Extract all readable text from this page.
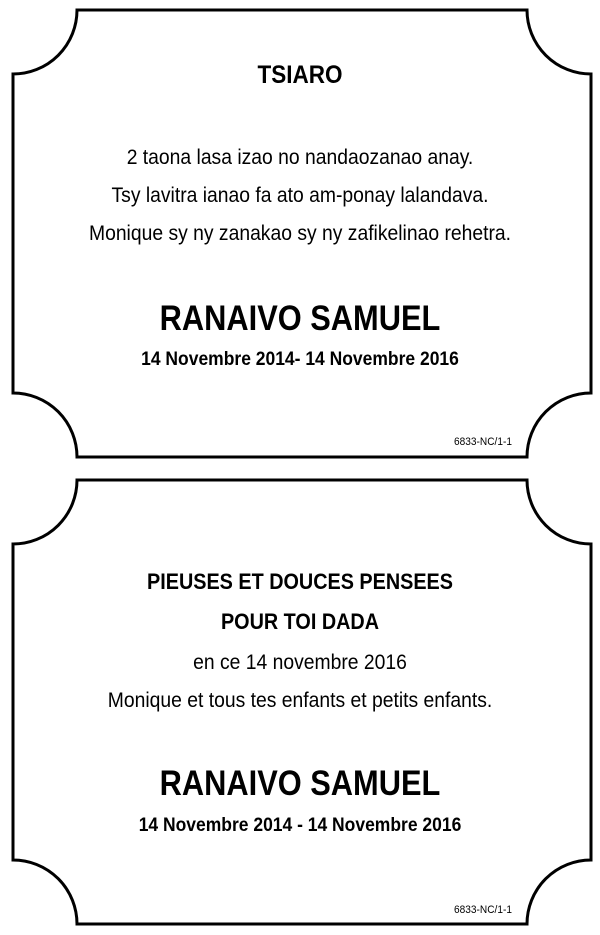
TSIARO
2 taona lasa izao no nandaozanao anay.
Tsy lavitra ianao fa ato am-ponay lalandava.
Monique sy ny zanakao sy ny zafikelinao rehetra.
RANAIVO SAMUEL
14 Novembre 2014- 14 Novembre 2016
6833-NC/1-1
PIEUSES ET DOUCES PENSEES
POUR TOI DADA
en ce 14 novembre 2016
Monique et tous tes enfants et petits enfants.
RANAIVO SAMUEL
14 Novembre 2014 - 14 Novembre 2016
6833-NC/1-1
